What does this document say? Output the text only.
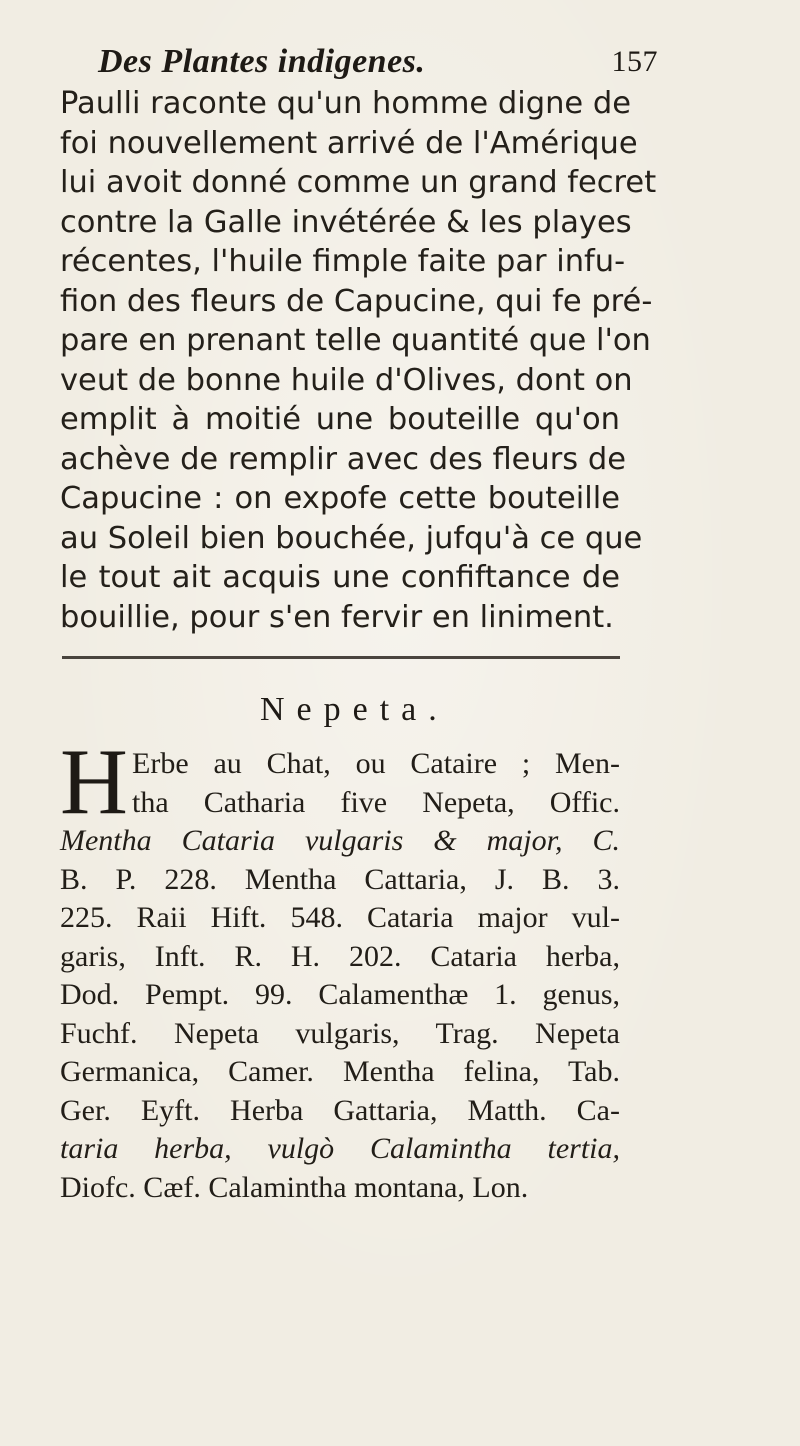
Des Plantes indigenes.	157
Paulli raconte qu'un homme digne de
foi nouvellement arrivé de l'Amérique
lui avoit donné comme un grand fecret
contre la Galle invétérée & les playes
récentes, l'huile fimple faite par infu-
fion des fleurs de Capucine, qui fe pré-
pare en prenant telle quantité que l'on
veut de bonne huile d'Olives, dont on
emplit à moitié une bouteille qu'on
achève de remplir avec des fleurs de
Capucine : on expofe cette bouteille
au Soleil bien bouchée, jufqu'à ce que
le tout ait acquis une confiftance de
bouillie, pour s'en fervir en liniment.
Nepeta.
H Erbe au Chat, ou Cataire ; Men-
tha Catharia five Nepeta, Offic.
Mentha Cataria vulgaris & major, C.
B. P. 228. Mentha Cattaria, J. B. 3.
225. Raii Hift. 548. Cataria major vul-
garis, Inft. R. H. 202. Cataria herba,
Dod. Pempt. 99. Calamenthæ 1. genus,
Fuchf. Nepeta vulgaris, Trag. Nepeta
Germanica, Camer. Mentha felina, Tab.
Ger. Eyft. Herba Gattaria, Matth. Ca-
taria herba, vulgò Calamintha tertia,
Diofc. Cæf. Calamintha montana, Lon.
